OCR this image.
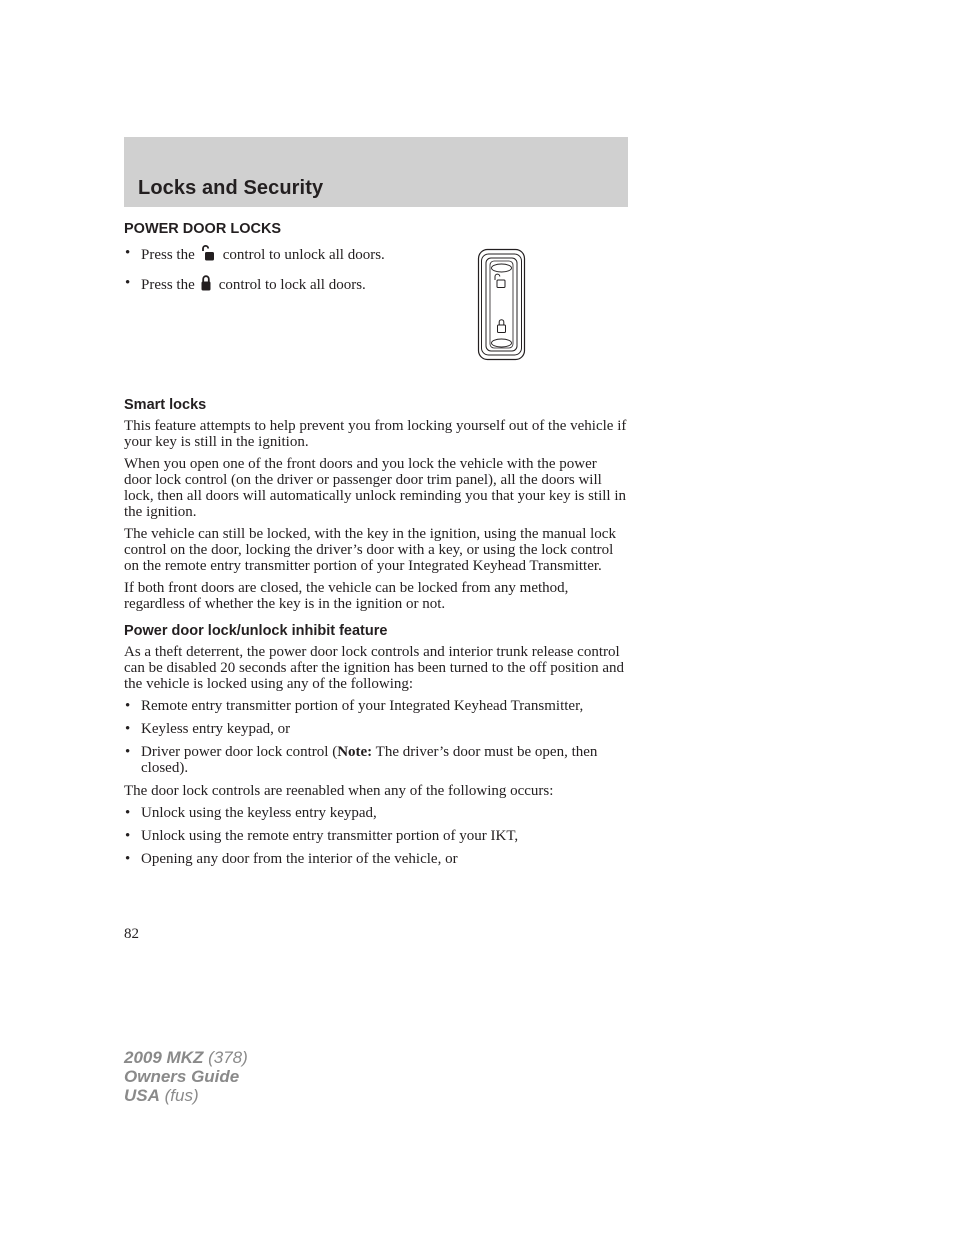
Locks and Security
POWER DOOR LOCKS
• Press the control to unlock all doors.
• Press the control to lock all doors.
Smart locks

This feature attempts to help prevent you from locking yourself out of the vehicle if your key is still in the ignition.

When you open one of the front doors and you lock the vehicle with the power door lock control (on the driver or passenger door trim panel), all the doors will lock, then all doors will automatically unlock reminding you that your key is still in the ignition.

The vehicle can still be locked, with the key in the ignition, using the manual lock control on the door, locking the driver’s door with a key, or using the lock control on the remote entry transmitter portion of your Integrated Keyhead Transmitter.

If both front doors are closed, the vehicle can be locked from any method, regardless of whether the key is in the ignition or not.

Power door lock/unlock inhibit feature

As a theft deterrent, the power door lock controls and interior trunk release control can be disabled 20 seconds after the ignition has been turned to the off position and the vehicle is locked using any of the following:

• Remote entry transmitter portion of your Integrated Keyhead Transmitter,
• Keyless entry keypad, or
• Driver power door lock control (Note: The driver’s door must be open, then closed).

The door lock controls are reenabled when any of the following occurs:

• Unlock using the keyless entry keypad,
• Unlock using the remote entry transmitter portion of your IKT,
• Opening any door from the interior of the vehicle, or
82
2009 MKZ (378)
Owners Guide
USA (fus)
